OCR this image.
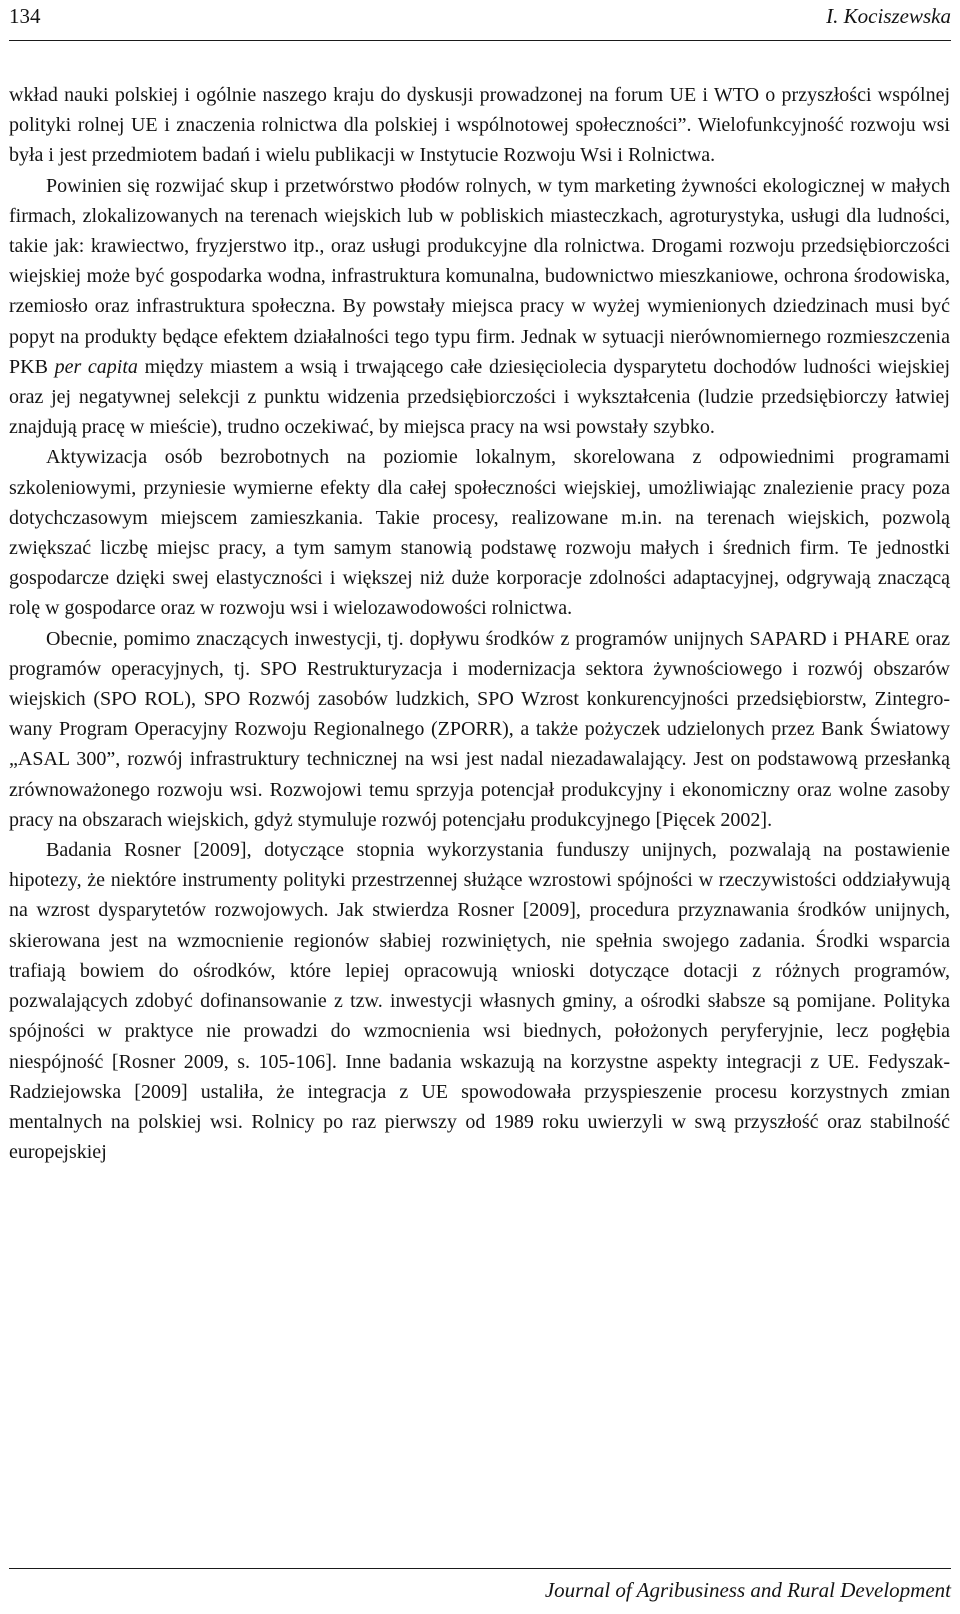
134	I. Kociszewska

wkład nauki polskiej i ogólnie naszego kraju do dyskusji prowadzonej na forum UE i WTO o przyszłości wspólnej polityki rolnej UE i znaczenia rolnictwa dla polskiej i wspólnotowej społeczności”. Wielofunkcyjność rozwoju wsi była i jest przedmiotem badań i wielu publikacji w Instytucie Rozwoju Wsi i Rolnictwa.

Powinien się rozwijać skup i przetwórstwo płodów rolnych, w tym marketing żywności ekologicznej w małych firmach, zlokalizowanych na terenach wiejskich lub w pobliskich miasteczkach, agroturystyka, usługi dla ludności, takie jak: krawiectwo, fryzjerstwo itp., oraz usługi produkcyjne dla rolnictwa. Drogami rozwoju przedsiębiorczości wiejskiej może być gospodarka wodna, infrastruktura komunalna, budownictwo mieszkaniowe, ochrona środowiska, rzemiosło oraz infrastruktura społeczna. By powstały miejsca pracy w wyżej wymienionych dziedzinach musi być popyt na produkty będące efektem działalności tego typu firm. Jednak w sytuacji nierównomiernego rozmieszczenia PKB per capita między miastem a wsią i trwającego całe dziesięciolecia dysparytetu dochodów ludności wiejskiej oraz jej negatywnej selekcji z punktu widzenia przedsiębiorczości i wykształcenia (ludzie przedsiębiorczy łatwiej znajdują pracę w mieście), trudno oczekiwać, by miejsca pracy na wsi powstały szybko.

Aktywizacja osób bezrobotnych na poziomie lokalnym, skorelowana z odpowiednimi programami szkoleniowymi, przyniesie wymierne efekty dla całej społeczności wiejskiej, umożliwiając znalezienie pracy poza dotychczasowym miejscem zamieszkania. Takie procesy, realizowane m.in. na terenach wiejskich, pozwolą zwiększać liczbę miejsc pracy, a tym samym stanowią podstawę rozwoju małych i średnich firm. Te jednostki gospodarcze dzięki swej elastyczności i większej niż duże korporacje zdolności adaptacyjnej, odgrywają znaczącą rolę w gospodarce oraz w rozwoju wsi i wielozawodowości rolnictwa.

Obecnie, pomimo znaczących inwestycji, tj. dopływu środków z programów unijnych SAPARD i PHARE oraz programów operacyjnych, tj. SPO Restrukturyzacja i modernizacja sektora żywnościowego i rozwój obszarów wiejskich (SPO ROL), SPO Rozwój zasobów ludzkich, SPO Wzrost konkurencyjności przedsiębiorstw, Zintegrowany Program Operacyjny Rozwoju Regionalnego (ZPORR), a także pożyczek udzielonych przez Bank Światowy „ASAL 300”, rozwój infrastruktury technicznej na wsi jest nadal niezadawalający. Jest on podstawową przesłanką zrównoważonego rozwoju wsi. Rozwojowi temu sprzyja potencjał produkcyjny i ekonomiczny oraz wolne zasoby pracy na obszarach wiejskich, gdyż stymuluje rozwój potencjału produkcyjnego [Pięcek 2002].

Badania Rosner [2009], dotyczące stopnia wykorzystania funduszy unijnych, pozwalają na postawienie hipotezy, że niektóre instrumenty polityki przestrzennej służące wzrostowi spójności w rzeczywistości oddziaływują na wzrost dysparytetów rozwojowych. Jak stwierdza Rosner [2009], procedura przyznawania środków unijnych, skierowana jest na wzmocnienie regionów słabiej rozwiniętych, nie spełnia swojego zadania. Środki wsparcia trafiają bowiem do ośrodków, które lepiej opracowują wnioski dotyczące dotacji z różnych programów, pozwalających zdobyć dofinansowanie z tzw. inwestycji własnych gminy, a ośrodki słabsze są pomijane. Polityka spójności w praktyce nie prowadzi do wzmocnienia wsi biednych, położonych peryferyjnie, lecz pogłębia niespójność [Rosner 2009, s. 105-106]. Inne badania wskazują na korzystne aspekty integracji z UE. Fedyszak-Radziejowska [2009] ustaliła, że integracja z UE spowodowała przyspieszenie procesu korzystnych zmian mentalnych na polskiej wsi. Rolnicy po raz pierwszy od 1989 roku uwierzyli w swą przyszłość oraz stabilność europejskiej

Journal of Agribusiness and Rural Development
